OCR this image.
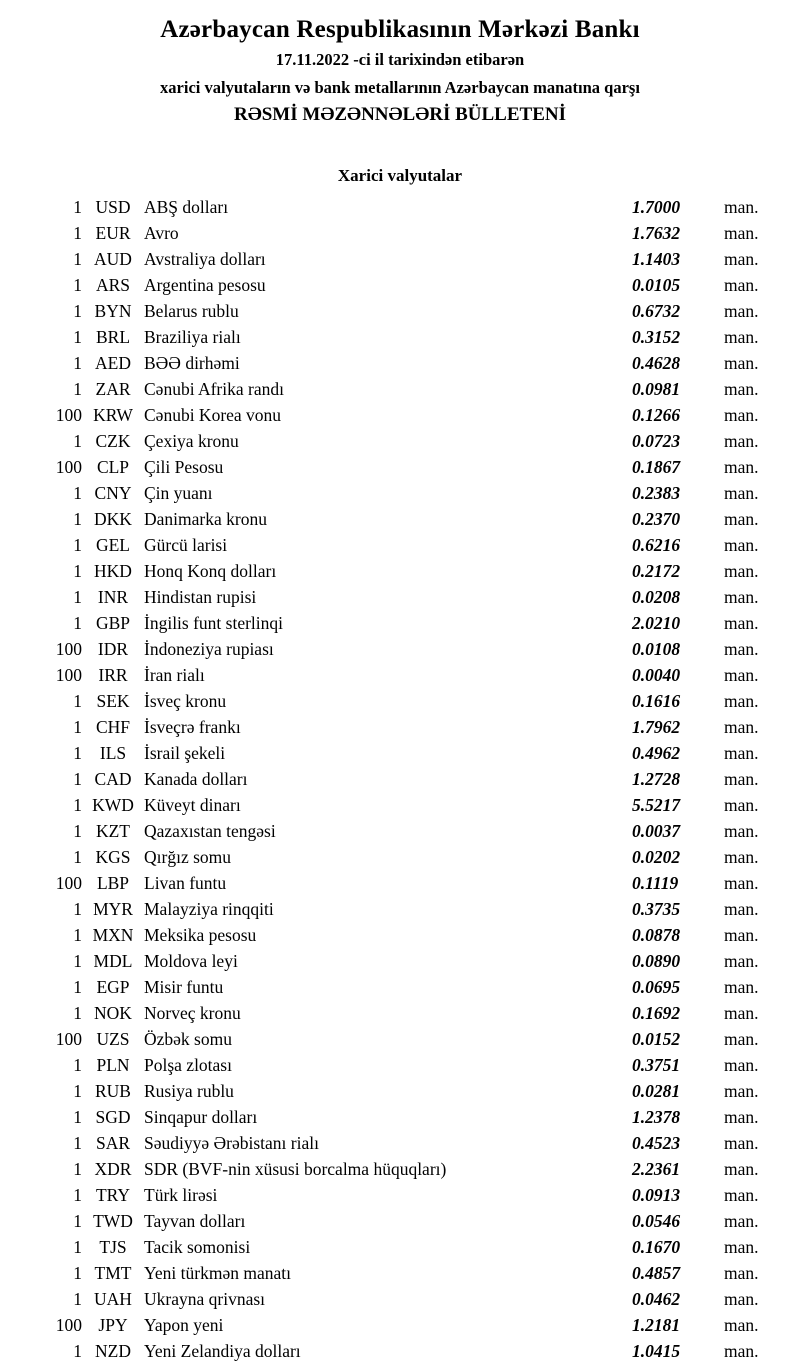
Azərbaycan Respublikasının Mərkəzi Bankı
17.11.2022 -ci il tarixindən etibarən
xarici valyutaların və bank metallarının Azərbaycan manatına qarşı
RƏSMİ MƏZƏNNƏLƏRİ BÜLLETENİ
Xarici valyutalar
1	USD	ABŞ dolları	1.7000	man.
1	EUR	Avro	1.7632	man.
1	AUD	Avstraliya dolları	1.1403	man.
1	ARS	Argentina pesosu	0.0105	man.
1	BYN	Belarus rublu	0.6732	man.
1	BRL	Braziliya rialı	0.3152	man.
1	AED	BƏƏ dirhəmi	0.4628	man.
1	ZAR	Cənubi Afrika randı	0.0981	man.
100	KRW	Cənubi Korea vonu	0.1266	man.
1	CZK	Çexiya kronu	0.0723	man.
100	CLP	Çili Pesosu	0.1867	man.
1	CNY	Çin yuanı	0.2383	man.
1	DKK	Danimarka kronu	0.2370	man.
1	GEL	Gürcü larisi	0.6216	man.
1	HKD	Honq Konq dolları	0.2172	man.
1	INR	Hindistan rupisi	0.0208	man.
1	GBP	İngilis funt sterlinqi	2.0210	man.
100	IDR	İndoneziya rupiası	0.0108	man.
100	IRR	İran rialı	0.0040	man.
1	SEK	İsveç kronu	0.1616	man.
1	CHF	İsveçrə frankı	1.7962	man.
1	ILS	İsrail şekeli	0.4962	man.
1	CAD	Kanada dolları	1.2728	man.
1	KWD	Küveyt dinarı	5.5217	man.
1	KZT	Qazaxıstan tengəsi	0.0037	man.
1	KGS	Qırğız somu	0.0202	man.
100	LBP	Livan funtu	0.1119	man.
1	MYR	Malayziya rinqqiti	0.3735	man.
1	MXN	Meksika pesosu	0.0878	man.
1	MDL	Moldova leyi	0.0890	man.
1	EGP	Misir funtu	0.0695	man.
1	NOK	Norveç kronu	0.1692	man.
100	UZS	Özbək somu	0.0152	man.
1	PLN	Polşa zlotası	0.3751	man.
1	RUB	Rusiya rublu	0.0281	man.
1	SGD	Sinqapur dolları	1.2378	man.
1	SAR	Səudiyyə Ərəbistanı rialı	0.4523	man.
1	XDR	SDR (BVF-nin xüsusi borcalma hüquqları)	2.2361	man.
1	TRY	Türk lirəsi	0.0913	man.
1	TWD	Tayvan dolları	0.0546	man.
1	TJS	Tacik somonisi	0.1670	man.
1	TMT	Yeni türkmən manatı	0.4857	man.
1	UAH	Ukrayna qrivnası	0.0462	man.
100	JPY	Yapon yeni	1.2181	man.
1	NZD	Yeni Zelandiya dolları	1.0415	man.
